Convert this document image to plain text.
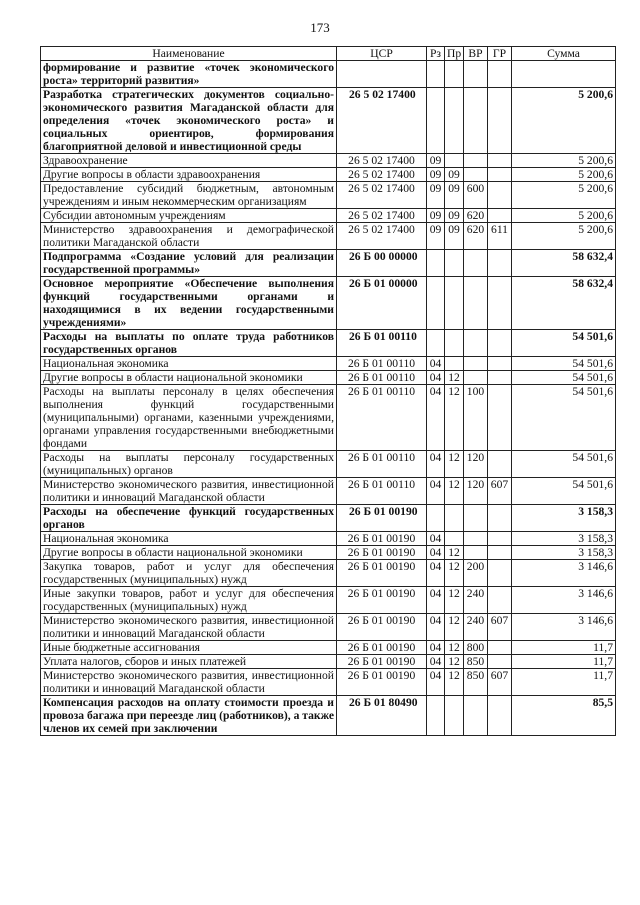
173
Наименование	ЦСР	Рз	Пр	ВР	ГР	Сумма
формирование и развитие «точек экономического роста» территорий развития»						
Разработка стратегических документов социально-экономического развития Магаданской области для определения «точек экономического роста» и социальных ориентиров, формирования благоприятной деловой и инвестиционной среды	26 5 02 17400					5 200,6
Здравоохранение	26 5 02 17400	09				5 200,6
Другие вопросы в области здравоохранения	26 5 02 17400	09	09			5 200,6
Предоставление субсидий бюджетным, автономным учреждениям и иным некоммерческим организациям	26 5 02 17400	09	09	600		5 200,6
Субсидии автономным учреждениям	26 5 02 17400	09	09	620		5 200,6
Министерство здравоохранения и демографической политики Магаданской области	26 5 02 17400	09	09	620	611	5 200,6
Подпрограмма «Создание условий для реализации государственной программы»	26 Б 00 00000					58 632,4
Основное мероприятие «Обеспечение выполнения функций государственными органами и находящимися в их ведении государственными учреждениями»	26 Б 01 00000					58 632,4
Расходы на выплаты по оплате труда работников государственных органов	26 Б 01 00110					54 501,6
Национальная экономика	26 Б 01 00110	04				54 501,6
Другие вопросы в области национальной экономики	26 Б 01 00110	04	12			54 501,6
Расходы на выплаты персоналу в целях обеспечения выполнения функций государственными (муниципальными) органами, казенными учреждениями, органами управления государственными внебюджетными фондами	26 Б 01 00110	04	12	100		54 501,6
Расходы на выплаты персоналу государственных (муниципальных) органов	26 Б 01 00110	04	12	120		54 501,6
Министерство экономического развития, инвестиционной политики и инноваций Магаданской области	26 Б 01 00110	04	12	120	607	54 501,6
Расходы на обеспечение функций государственных органов	26 Б 01 00190					3 158,3
Национальная экономика	26 Б 01 00190	04				3 158,3
Другие вопросы в области национальной экономики	26 Б 01 00190	04	12			3 158,3
Закупка товаров, работ и услуг для обеспечения государственных (муниципальных) нужд	26 Б 01 00190	04	12	200		3 146,6
Иные закупки товаров, работ и услуг для обеспечения государственных (муниципальных) нужд	26 Б 01 00190	04	12	240		3 146,6
Министерство экономического развития, инвестиционной политики и инноваций Магаданской области	26 Б 01 00190	04	12	240	607	3 146,6
Иные бюджетные ассигнования	26 Б 01 00190	04	12	800		11,7
Уплата налогов, сборов и иных платежей	26 Б 01 00190	04	12	850		11,7
Министерство экономического развития, инвестиционной политики и инноваций Магаданской области	26 Б 01 00190	04	12	850	607	11,7
Компенсация расходов на оплату стоимости проезда и провоза багажа при переезде лиц (работников), а также членов их семей при заключении	26 Б 01 80490					85,5
